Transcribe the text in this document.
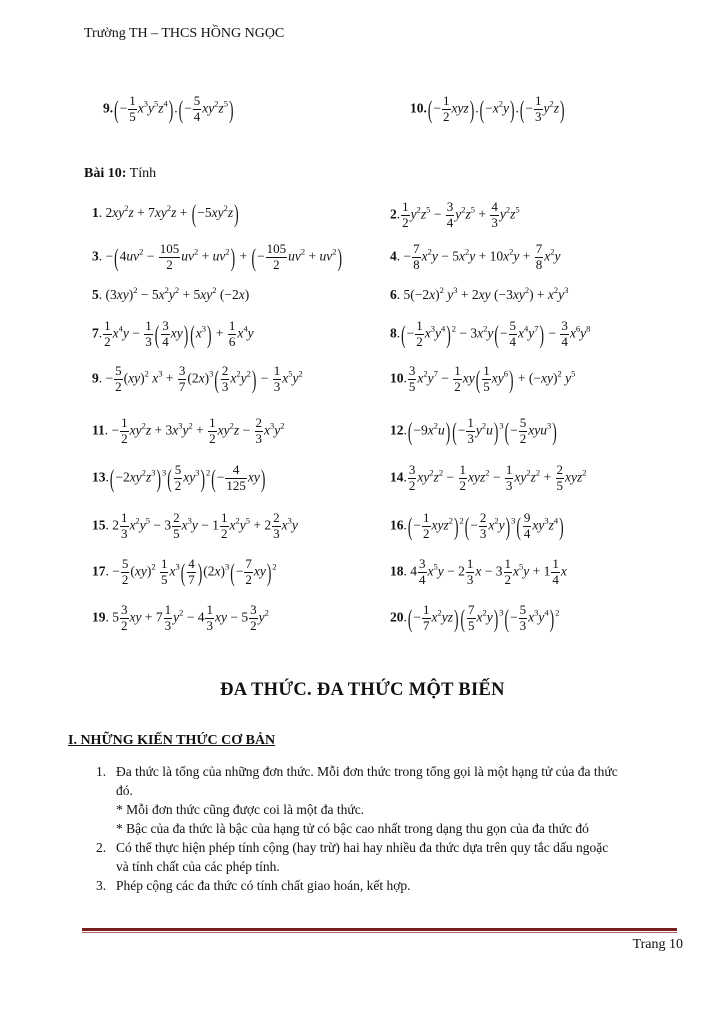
Trường TH – THCS HỒNG NGỌC
$9.(- \frac{1}{5} x^3y^5z^4).(- \frac{5}{4} xy^2z^5)$	$10.(- \frac{1}{2} xyz).(-x^2y).(- \frac{1}{3} y^2z)$
Bài 10: Tính
1. $2xy^2z + 7xy^2z + (-5xy^2z)$	2. $\frac{1}{2} y^2z^5 - \frac{3}{4} y^2z^5 + \frac{4}{3} y^2z^5$
3. $-(4uv^2 - \frac{105}{2} uv^2 + uv^2)$ + (− $\frac{105}{2} uv^2 + uv^2$)	4. − $\frac{7}{8} x^2y - 5x^2y + 10x^2y + \frac{7}{8} x^2y$
5. $(3xy)^2 - 5x^2y^2 + 5xy^2$ (−2x)	6. $5(-2x)^2$ $y^3 + 2xy$ $(-3xy^2) + x^2y^3$
7. $\frac{1}{2} x^4y - \frac{1}{3}$ ( $\frac{3}{4} xy$) $(x^3) + \frac{1}{6} x^4y$	$8.(- \frac{1}{2} x^3y^4)^2 - 3x^2y(- \frac{5}{4} x^4y^7) - \frac{3}{4} x^6y^8$
9. − $\frac{5}{2} (xy)^2$ $x^3 + \frac{3}{7} (2x)^3( \frac{2}{3} x^2y^2) - \frac{1}{3} x^5y^2$	10. $\frac{3}{5} x^2y^7 - \frac{1}{2} xy( \frac{1}{5} xy^6) + (-xy)^2$ $y^5$
11. − $\frac{1}{2} xy^2z + 3x^3y^2 + \frac{1}{2} xy^2z - \frac{2}{3} x^3y^2$	$12.(-9x^2u)$ (− $\frac{1}{3} y^2u)^3(- \frac{5}{2} xyu^3)$
$13.(-2xy^2z^3)^3( \frac{5}{2} xy^3)^2(- \frac{4}{125} xy)$	14. $\frac{3}{2} xy^2z^2 - \frac{1}{2} xyz^2 - \frac{1}{3} xy^2z^2 + \frac{2}{5} xyz^2$
15. $2 \frac{1}{3} x^2y^5 - 3 \frac{2}{5} x^3y - 1 \frac{1}{2} x^2y^5 + 2 \frac{2}{3} x^3y$	$16.(- \frac{1}{2} xyz^2)^2(- \frac{2}{3} x^2y)^3( \frac{9}{4} xy^3z^4)$
17. − $\frac{5}{2} (xy)^2 \frac{1}{5} x^3( \frac{4}{7} )(2x)^3(- \frac{7}{2} xy)^2$	18. $4 \frac{3}{4} x^5y - 2 \frac{1}{3}$ $x - 3 \frac{1}{2} x^5y + 1 \frac{1}{4}$ x
19. $5 \frac{3}{2}$ xy + $7 \frac{1}{3} y^2 - 4 \frac{1}{3}$ xy − $5 \frac{3}{2} y^2$	$20.(- \frac{1}{7} x^2yz)$ ( $\frac{7}{5} x^2y)^3(- \frac{5}{3} x^3y^4)^2$
ĐA THỨC. ĐA THỨC MỘT BIẾN
I. NHỮNG KIẾN THỨC CƠ BẢN
1. Đa thức là tổng của những đơn thức. Mỗi đơn thức trong tổng gọi là một hạng tử của đa thức
đó.
* Mỗi đơn thức cũng được coi là một đa thức.
* Bậc của đa thức là bậc của hạng tử có bậc cao nhất trong dạng thu gọn của đa thức đó
2. Có thể thực hiện phép tính cộng (hay trừ) hai hay nhiều đa thức dựa trên quy tắc dấu ngoặc
và tính chất của các phép tính.
3. Phép cộng các đa thức có tính chất giao hoán, kết hợp.
Trang 10
